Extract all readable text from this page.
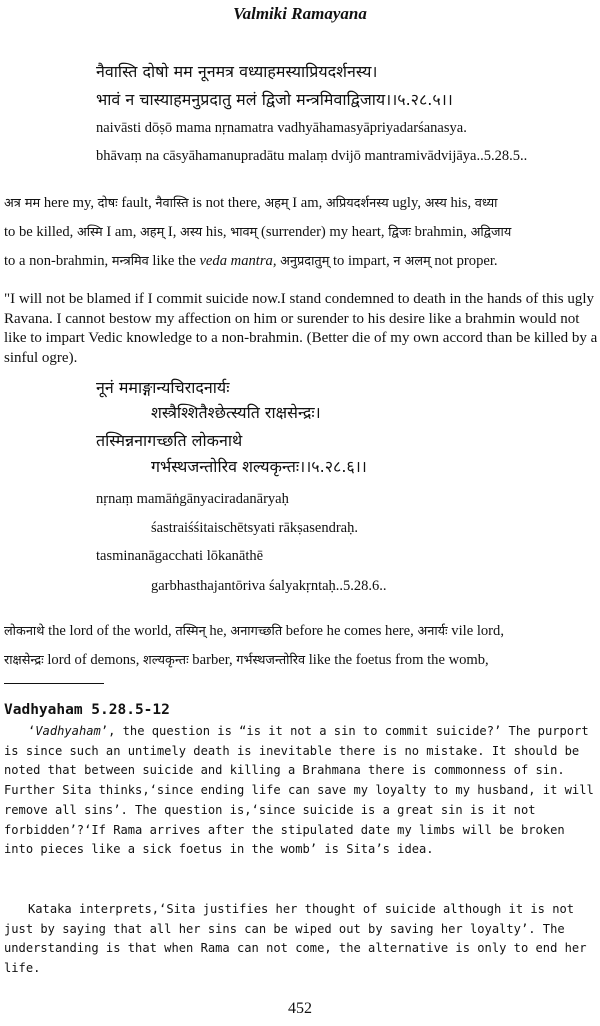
Valmiki Ramayana
नैवास्ति दोषो मम नूनमत्र वध्याहमस्याप्रियदर्शनस्य।
भावं न चास्याहमनुप्रदातु मलं द्विजो मन्त्रमिवाद्विजाय।।५.२८.५।।
naivāsti dōṣō mama nṛnamatra vadhyāhamasyāpriyadarśanasya.
bhāvaṃ na cāsyāhamanupradātu malaṃ dvijō mantramivādvijāya..5.28.5..
अत्र मम here my, दोषः fault, नैवास्ति is not there, अहम् I am, अप्रियदर्शनस्य ugly, अस्य his, वध्या
to be killed, अस्मि I am, अहम् I, अस्य his, भावम् (surrender) my heart, द्विजः brahmin, अद्विजाय
to a non-brahmin, मन्त्रमिव like the veda mantra, अनुप्रदातुम् to impart, न अलम् not proper.
"I will not be blamed if I commit suicide now.I stand condemned to death in the hands of this ugly Ravana. I cannot bestow my affection on him or surender to his desire like a brahmin would not like to impart Vedic knowledge to a non-brahmin. (Better die of my own accord than be killed by a sinful ogre).
नूनं ममाङ्गान्यचिरादनार्यः
शस्त्रैश्शितैश्छेत्स्यति राक्षसेन्द्रः।
तस्मिन्ननागच्छति लोकनाथे
गर्भस्थजन्तोरिव शल्यकृन्तः।।५.२८.६।।
nṛnaṃ mamāṅgānyaciradanāryaḥ
śastraiśśitaischētsyati rākṣasendraḥ.
tasminanāgacchati lōkanāthē
garbhasthajantōriva śalyakṛntaḥ..5.28.6..
लोकनाथे the lord of the world, तस्मिन् he, अनागच्छति before he comes here, अनार्यः vile lord,
राक्षसेन्द्रः lord of demons, शल्यकृन्तः barber, गर्भस्थजन्तोरिव like the foetus from the womb,
Vadhyaham 5.28.5-12
‘Vadhyaham’, the question is “is it not a sin to commit suicide?’ The purport is since such an untimely death is inevitable there is no mistake. It should be noted that between suicide and killing a Brahmana there is commonness of sin. Further Sita thinks,‘since ending life can save my loyalty to my husband, it will remove all sins’. The question is,‘since suicide is a great sin is it not forbidden’?‘If Rama arrives after the stipulated date my limbs will be broken into pieces like a sick foetus in the womb’ is Sita’s idea.
Kataka interprets,‘Sita justifies her thought of suicide although it is not just by saying that all her sins can be wiped out by saving her loyalty’. The understanding is that when Rama can not come, the alternative is only to end her life.
452
